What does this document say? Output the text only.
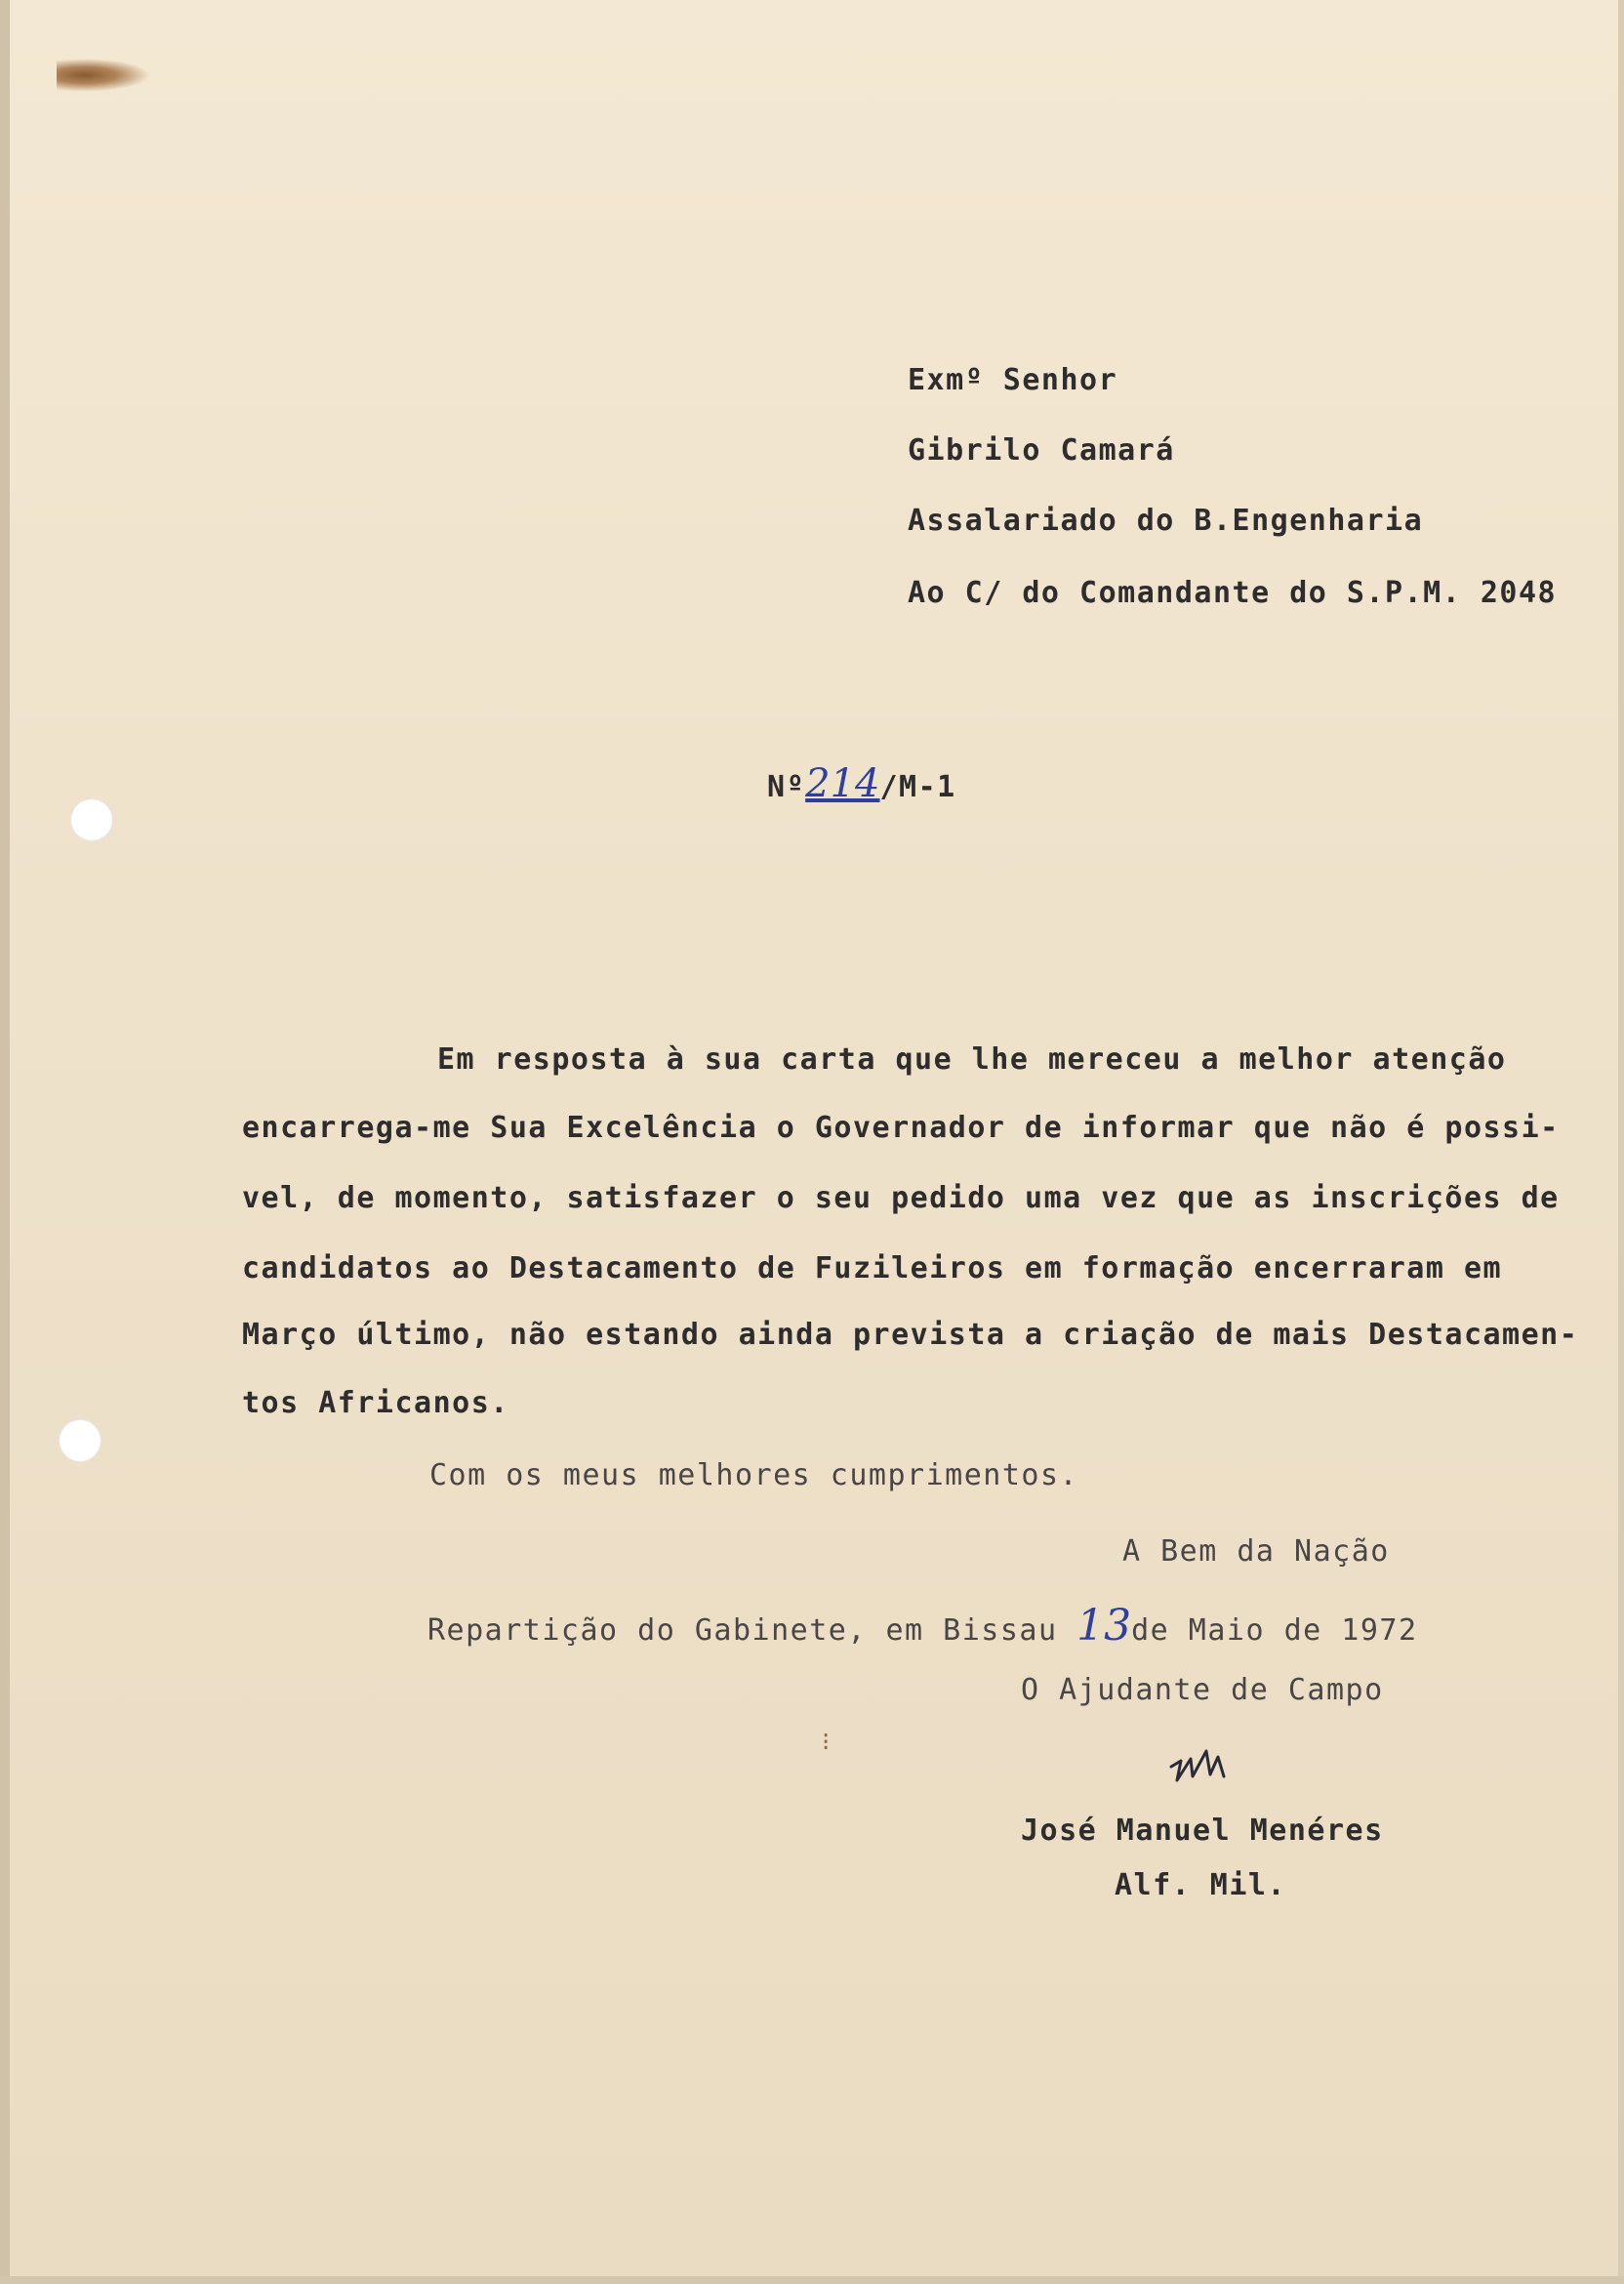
Exmº Senhor
Gibrilo Camará
Assalariado do B.Engenharia
Ao C/ do Comandante do S.P.M. 2048
Nº214/M-1
Em resposta à sua carta que lhe mereceu a melhor atenção
encarrega-me Sua Excelência o Governador de informar que não é possi-
vel, de momento, satisfazer o seu pedido uma vez que as inscrições de
candidatos ao Destacamento de Fuzileiros em formação encerraram em
Março último, não estando ainda prevista a criação de mais Destacamen-
tos Africanos.
Com os meus melhores cumprimentos.
A Bem da Nação
Repartição do Gabinete, em Bissau 13de Maio de 1972
O Ajudante de Campo
⁝
José Manuel Menéres
Alf. Mil.
